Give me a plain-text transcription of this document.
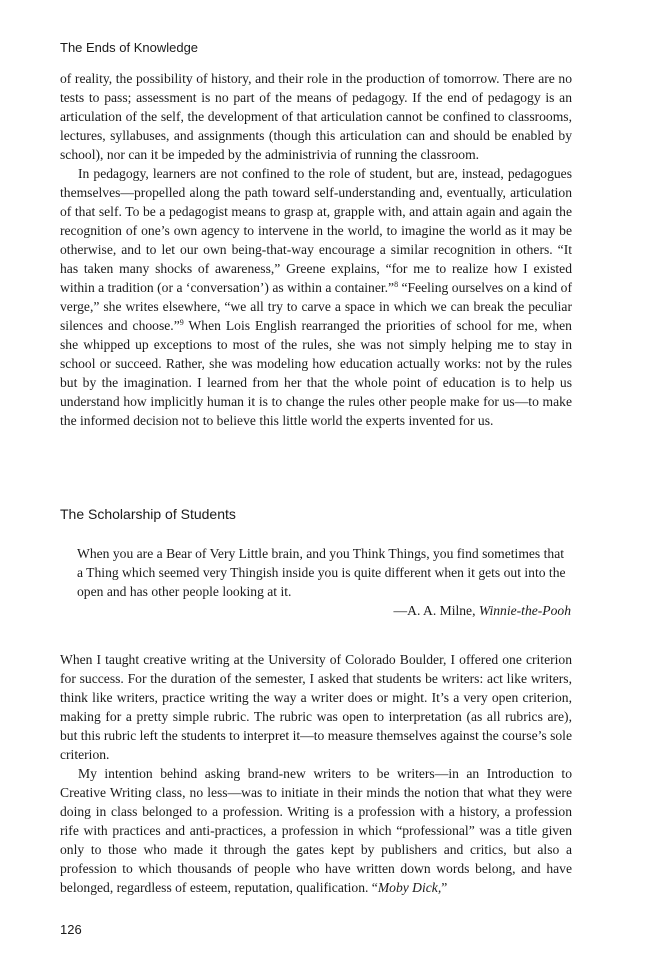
The Ends of Knowledge

of reality, the possibility of history, and their role in the production of tomorrow. There are no tests to pass; assessment is no part of the means of pedagogy. If the end of pedagogy is an articulation of the self, the development of that articulation cannot be confined to classrooms, lectures, syllabuses, and assignments (though this articulation can and should be enabled by school), nor can it be impeded by the administrivia of running the classroom.

In pedagogy, learners are not confined to the role of student, but are, instead, pedagogues themselves—propelled along the path toward self-understanding and, eventually, articulation of that self. To be a pedagogist means to grasp at, grapple with, and attain again and again the recognition of one’s own agency to intervene in the world, to imagine the world as it may be otherwise, and to let our own being-that-way encourage a similar recognition in others. “It has taken many shocks of awareness,” Greene explains, “for me to realize how I existed within a tradition (or a ‘conversation’) as within a container.”$^8$ “Feeling ourselves on a kind of verge,” she writes elsewhere, “we all try to carve a space in which we can break the peculiar silences and choose.”$^9$ When Lois English rearranged the priorities of school for me, when she whipped up exceptions to most of the rules, she was not simply helping me to stay in school or succeed. Rather, she was modeling how education actually works: not by the rules but by the imagination. I learned from her that the whole point of education is to help us understand how implicitly human it is to change the rules other people make for us—to make the informed decision not to believe this little world the experts invented for us.

The Scholarship of Students

When you are a Bear of Very Little brain, and you Think Things, you find sometimes that a Thing which seemed very Thingish inside you is quite different when it gets out into the open and has other people looking at it.

—A. A. Milne, Winnie-the-Pooh

When I taught creative writing at the University of Colorado Boulder, I offered one criterion for success. For the duration of the semester, I asked that students be writers: act like writers, think like writers, practice writing the way a writer does or might. It’s a very open criterion, making for a pretty simple rubric. The rubric was open to interpretation (as all rubrics are), but this rubric left the students to interpret it—to measure themselves against the course’s sole criterion.

My intention behind asking brand-new writers to be writers—in an Introduction to Creative Writing class, no less—was to initiate in their minds the notion that what they were doing in class belonged to a profession. Writing is a profession with a history, a profession rife with practices and anti-practices, a profession in which “professional” was a title given only to those who made it through the gates kept by publishers and critics, but also a profession to which thousands of people who have written down words belong, and have belonged, regardless of esteem, reputation, qualification. “Moby Dick,”

126
